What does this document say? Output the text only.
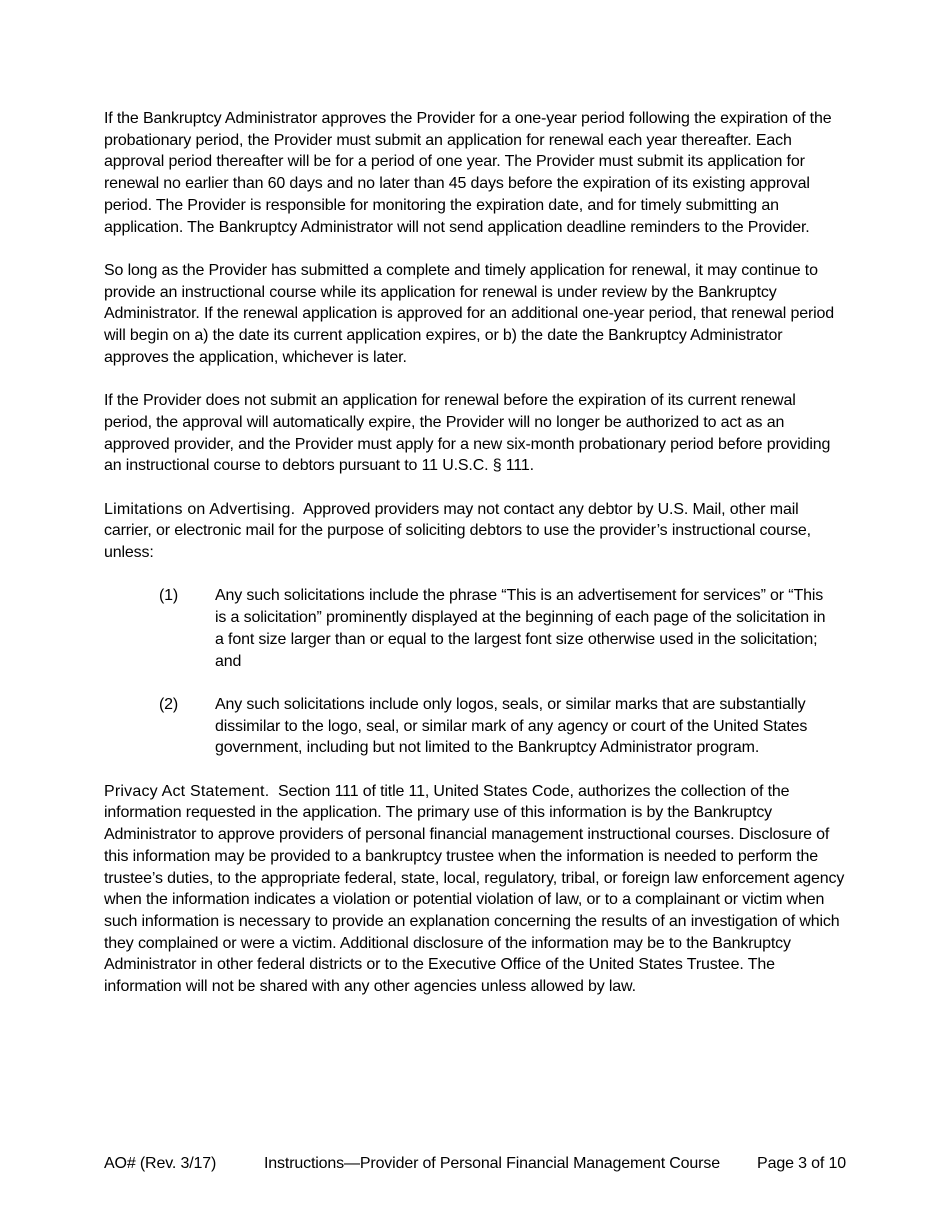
If the Bankruptcy Administrator approves the Provider for a one-year period following the expiration of the probationary period, the Provider must submit an application for renewal each year thereafter. Each approval period thereafter will be for a period of one year. The Provider must submit its application for renewal no earlier than 60 days and no later than 45 days before the expiration of its existing approval period. The Provider is responsible for monitoring the expiration date, and for timely submitting an application. The Bankruptcy Administrator will not send application deadline reminders to the Provider.

So long as the Provider has submitted a complete and timely application for renewal, it may continue to provide an instructional course while its application for renewal is under review by the Bankruptcy Administrator. If the renewal application is approved for an additional one-year period, that renewal period will begin on a) the date its current application expires, or b) the date the Bankruptcy Administrator approves the application, whichever is later.

If the Provider does not submit an application for renewal before the expiration of its current renewal period, the approval will automatically expire, the Provider will no longer be authorized to act as an approved provider, and the Provider must apply for a new six-month probationary period before providing an instructional course to debtors pursuant to 11 U.S.C. § 111.

Limitations on Advertising. Approved providers may not contact any debtor by U.S. Mail, other mail carrier, or electronic mail for the purpose of soliciting debtors to use the provider’s instructional course, unless:

(1)	Any such solicitations include the phrase “This is an advertisement for services” or “This is a solicitation” prominently displayed at the beginning of each page of the solicitation in a font size larger than or equal to the largest font size otherwise used in the solicitation; and
(2)	Any such solicitations include only logos, seals, or similar marks that are substantially dissimilar to the logo, seal, or similar mark of any agency or court of the United States government, including but not limited to the Bankruptcy Administrator program.

Privacy Act Statement. Section 111 of title 11, United States Code, authorizes the collection of the information requested in the application. The primary use of this information is by the Bankruptcy Administrator to approve providers of personal financial management instructional courses. Disclosure of this information may be provided to a bankruptcy trustee when the information is needed to perform the trustee’s duties, to the appropriate federal, state, local, regulatory, tribal, or foreign law enforcement agency when the information indicates a violation or potential violation of law, or to a complainant or victim when such information is necessary to provide an explanation concerning the results of an investigation of which they complained or were a victim. Additional disclosure of the information may be to the Bankruptcy Administrator in other federal districts or to the Executive Office of the United States Trustee. The information will not be shared with any other agencies unless allowed by law.

AO# (Rev. 3/17)	Instructions—Provider of Personal Financial Management Course Page 3 of 10
